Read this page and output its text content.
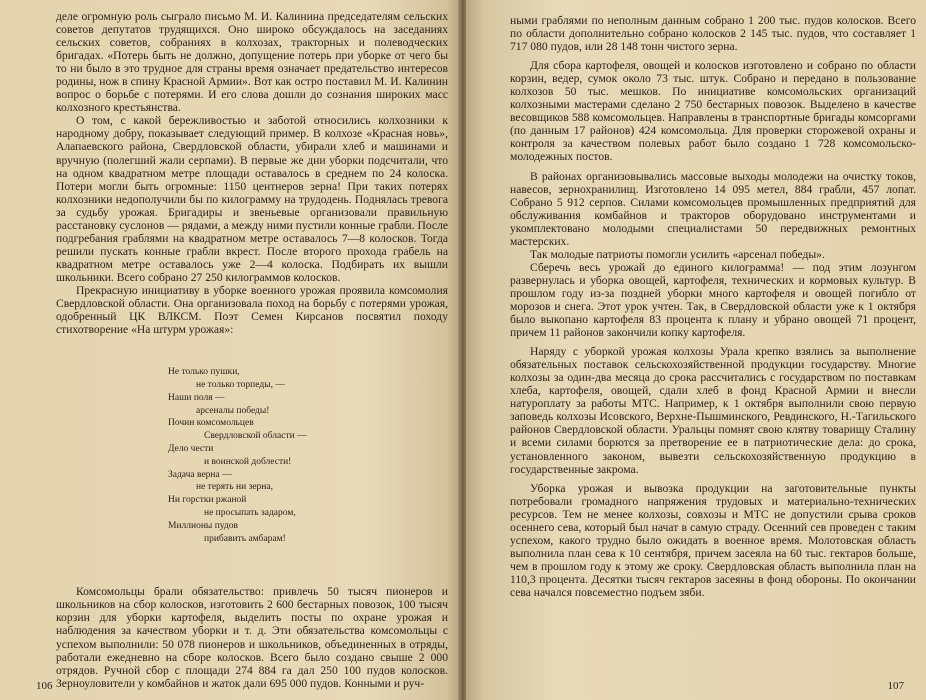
деле огромную роль сыграло письмо М. И. Калинина председателям сельских советов депутатов трудящихся. Оно широко обсуждалось на заседаниях сельских советов, собраниях в колхозах, тракторных и полеводческих бригадах. «Потерь быть не должно, допущение потерь при уборке от чего бы то ни было в это трудное для страны время означает предательство интересов родины, нож в спину Красной Армии». Вот как остро поставил М. И. Калинин вопрос о борьбе с потерями. И его слова дошли до сознания широких масс колхозного крестьянства.

О том, с какой бережливостью и заботой относились колхозники к народному добру, показывает следующий пример. В колхозе «Красная новь», Алапаевского района, Свердловской области, убирали хлеб и машинами и вручную (полегший жали серпами). В первые же дни уборки подсчитали, что на одном квадратном метре площади оставалось в среднем по 24 колоска. Потери могли быть огромные: 1150 центнеров зерна! При таких потерях колхозники недополучили бы по килограмму на трудодень. Поднялась тревога за судьбу урожая. Бригадиры и звеньевые организовали правильную расстановку суслонов — рядами, а между ними пустили конные грабли. После подгребания граблями на квадратном метре оставалось 7—8 колосков. Тогда решили пускать конные грабли вкрест. После второго прохода грабель на квадратном метре оставалось уже 2—4 колоска. Подбирать их вышли школьники. Всего собрано 27 250 килограммов колосков.

Прекрасную инициативу в уборке военного урожая проявила комсомолия Свердловской области. Она организовала поход на борьбу с потерями урожая, одобренный ЦК ВЛКСМ. Поэт Семен Кирсанов посвятил походу стихотворение «На штурм урожая»:

Не только пушки,
не только торпеды, —
Наши поля —
арсеналы победы!
Почин комсомольцев
Свердловской области —
Дело чести
и воинской доблести!
Задача верна —
не терять ни зерна,
Ни горстки ржаной
не просыпать задаром,
Миллионы пудов
прибавить амбарам!

Комсомольцы брали обязательство: привлечь 50 тысяч пионеров и школьников на сбор колосков, изготовить 2 600 бестарных повозок, 100 тысяч корзин для уборки картофеля, выделить посты по охране урожая и наблюдения за качеством уборки и т. д. Эти обязательства комсомольцы с успехом выполнили: 50 078 пионеров и школьников, объединенных в отряды, работали ежедневно на сборе колосков. Всего было создано свыше 2 000 отрядов. Ручной сбор с площади 274 884 га дал 250 100 пудов колосков. Зерноуловители у комбайнов и жаток дали 695 000 пудов. Конными и руч-

106

ными граблями по неполным данным собрано 1 200 тыс. пудов колосков. Всего по области дополнительно собрано колосков 2 145 тыс. пудов, что составляет 1 717 080 пудов, или 28 148 тонн чистого зерна.

Для сбора картофеля, овощей и колосков изготовлено и собрано по области корзин, ведер, сумок около 73 тыс. штук. Собрано и передано в пользование колхозов 50 тыс. мешков. По инициативе комсомольских организаций колхозными мастерами сделано 2 750 бестарных повозок. Выделено в качестве весовщиков 588 комсомольцев. Направлены в транспортные бригады комсоргами (по данным 17 районов) 424 комсомольца. Для проверки сторожевой охраны и контроля за качеством полевых работ было создано 1 728 комсомольско-молодежных постов.

В районах организовывались массовые выходы молодежи на очистку токов, навесов, зернохранилищ. Изготовлено 14 095 метел, 884 грабли, 457 лопат. Собрано 5 912 серпов. Силами комсомольцев промышленных предприятий для обслуживания комбайнов и тракторов оборудовано инструментами и укомплектовано молодыми специалистами 50 передвижных ремонтных мастерских.

Так молодые патриоты помогли усилить «арсенал победы».

Сберечь весь урожай до единого килограмма! — под этим лозунгом развернулась и уборка овощей, картофеля, технических и кормовых культур. В прошлом году из-за поздней уборки много картофеля и овощей погибло от морозов и снега. Этот урок учтен. Так, в Свердловской области уже к 1 октября было выкопано картофеля 83 процента к плану и убрано овощей 71 процент, причем 11 районов закончили копку картофеля.

Наряду с уборкой урожая колхозы Урала крепко взялись за выполнение обязательных поставок сельскохозяйственной продукции государству. Многие колхозы за один-два месяца до срока рассчитались с государством по поставкам хлеба, картофеля, овощей, сдали хлеб в фонд Красной Армии и внесли натуроплату за работы МТС. Например, к 1 октября выполнили свою первую заповедь колхозы Исовского, Верхне-Пышминского, Ревдинского, Н.-Тагильского районов Свердловской области. Уральцы помнят свою клятву товарищу Сталину и всеми силами борются за претворение ее в патриотические дела: до срока, установленного законом, вывезти сельскохозяйственную продукцию в государственные закрома.

Уборка урожая и вывозка продукции на заготовительные пункты потребовали громадного напряжения трудовых и материально-технических ресурсов. Тем не менее колхозы, совхозы и МТС не допустили срыва сроков осеннего сева, который был начат в самую страду. Осенний сев проведен с таким успехом, какого трудно было ожидать в военное время. Молотовская область выполнила план сева к 10 сентября, причем засеяла на 60 тыс. гектаров больше, чем в прошлом году к этому же сроку. Свердловская область выполнила план на 110,3 процента. Десятки тысяч гектаров засеяны в фонд обороны. По окончании сева начался повсеместно подъем зяби.

107
